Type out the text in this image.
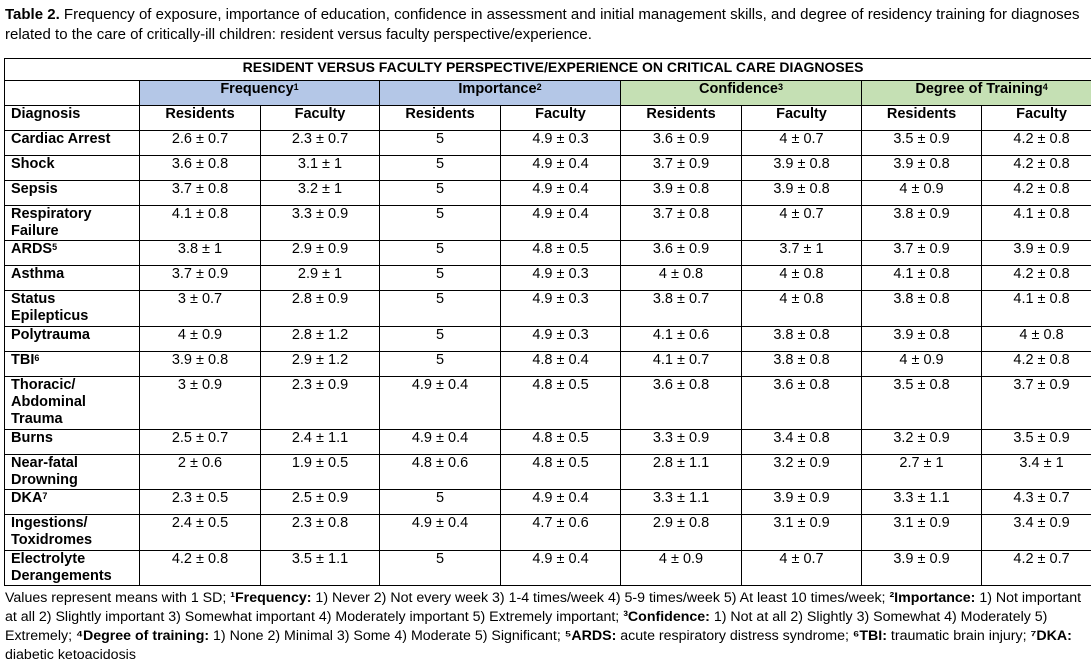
Table 2. Frequency of exposure, importance of education, confidence in assessment and initial management skills, and degree of residency training for diagnoses related to the care of critically-ill children: resident versus faculty perspective/experience.
RESIDENT VERSUS FACULTY PERSPECTIVE/EXPERIENCE ON CRITICAL CARE DIAGNOSES								
	Frequency$^1$		Importance$^2$		Confidence$^3$		Degree of Training$^4$
Diagnosis	Residents	Faculty	Residents	Faculty	Residents	Faculty	Residents	Faculty
Cardiac Arrest	2.6 ± 0.7	2.3 ± 0.7	5	4.9 ± 0.3	3.6 ± 0.9	4 ± 0.7	3.5 ± 0.9	4.2 ± 0.8
Shock	3.6 ± 0.8	3.1 ± 1	5	4.9 ± 0.4	3.7 ± 0.9	3.9 ± 0.8	3.9 ± 0.8	4.2 ± 0.8
Sepsis	3.7 ± 0.8	3.2 ± 1	5	4.9 ± 0.4	3.9 ± 0.8	3.9 ± 0.8	4 ± 0.9	4.2 ± 0.8
Respiratory Failure	4.1 ± 0.8	3.3 ± 0.9	5	4.9 ± 0.4	3.7 ± 0.8	4 ± 0.7	3.8 ± 0.9	4.1 ± 0.8
ARDS$^5$	3.8 ± 1	2.9 ± 0.9	5	4.8 ± 0.5	3.6 ± 0.9	3.7 ± 1	3.7 ± 0.9	3.9 ± 0.9
Asthma	3.7 ± 0.9	2.9 ± 1	5	4.9 ± 0.3	4 ± 0.8	4 ± 0.8	4.1 ± 0.8	4.2 ± 0.8
Status Epilepticus	3 ± 0.7	2.8 ± 0.9	5	4.9 ± 0.3	3.8 ± 0.7	4 ± 0.8	3.8 ± 0.8	4.1 ± 0.8
Polytrauma	4 ± 0.9	2.8 ± 1.2	5	4.9 ± 0.3	4.1 ± 0.6	3.8 ± 0.8	3.9 ± 0.8	4 ± 0.8
TBI$^6$	3.9 ± 0.8	2.9 ± 1.2	5	4.8 ± 0.4	4.1 ± 0.7	3.8 ± 0.8	4 ± 0.9	4.2 ± 0.8
Thoracic/ Abdominal Trauma	3 ± 0.9	2.3 ± 0.9	4.9 ± 0.4	4.8 ± 0.5	3.6 ± 0.8	3.6 ± 0.8	3.5 ± 0.8	3.7 ± 0.9
Burns	2.5 ± 0.7	2.4 ± 1.1	4.9 ± 0.4	4.8 ± 0.5	3.3 ± 0.9	3.4 ± 0.8	3.2 ± 0.9	3.5 ± 0.9
Near-fatal Drowning	2 ± 0.6	1.9 ± 0.5	4.8 ± 0.6	4.8 ± 0.5	2.8 ± 1.1	3.2 ± 0.9	2.7 ± 1	3.4 ± 1
DKA$^7$	2.3 ± 0.5	2.5 ± 0.9	5	4.9 ± 0.4	3.3 ± 1.1	3.9 ± 0.9	3.3 ± 1.1	4.3 ± 0.7
Ingestions/ Toxidromes	2.4 ± 0.5	2.3 ± 0.8	4.9 ± 0.4	4.7 ± 0.6	2.9 ± 0.8	3.1 ± 0.9	3.1 ± 0.9	3.4 ± 0.9
Electrolyte Derangements	4.2 ± 0.8	3.5 ± 1.1	5	4.9 ± 0.4	4 ± 0.9	4 ± 0.7	3.9 ± 0.9	4.2 ± 0.7
Values represent means with 1 SD; ¹Frequency: 1) Never 2) Not every week 3) 1-4 times/week 4) 5-9 times/week 5) At least 10 times/week; ²Importance: 1) Not important at all 2) Slightly important 3) Somewhat important 4) Moderately important 5) Extremely important; ³Confidence: 1) Not at all 2) Slightly 3) Somewhat 4) Moderately 5) Extremely; ⁴Degree of training: 1) None 2) Minimal 3) Some 4) Moderate 5) Significant; ⁵ARDS: acute respiratory distress syndrome; ⁶TBI: traumatic brain injury; ⁷DKA: diabetic ketoacidosis
